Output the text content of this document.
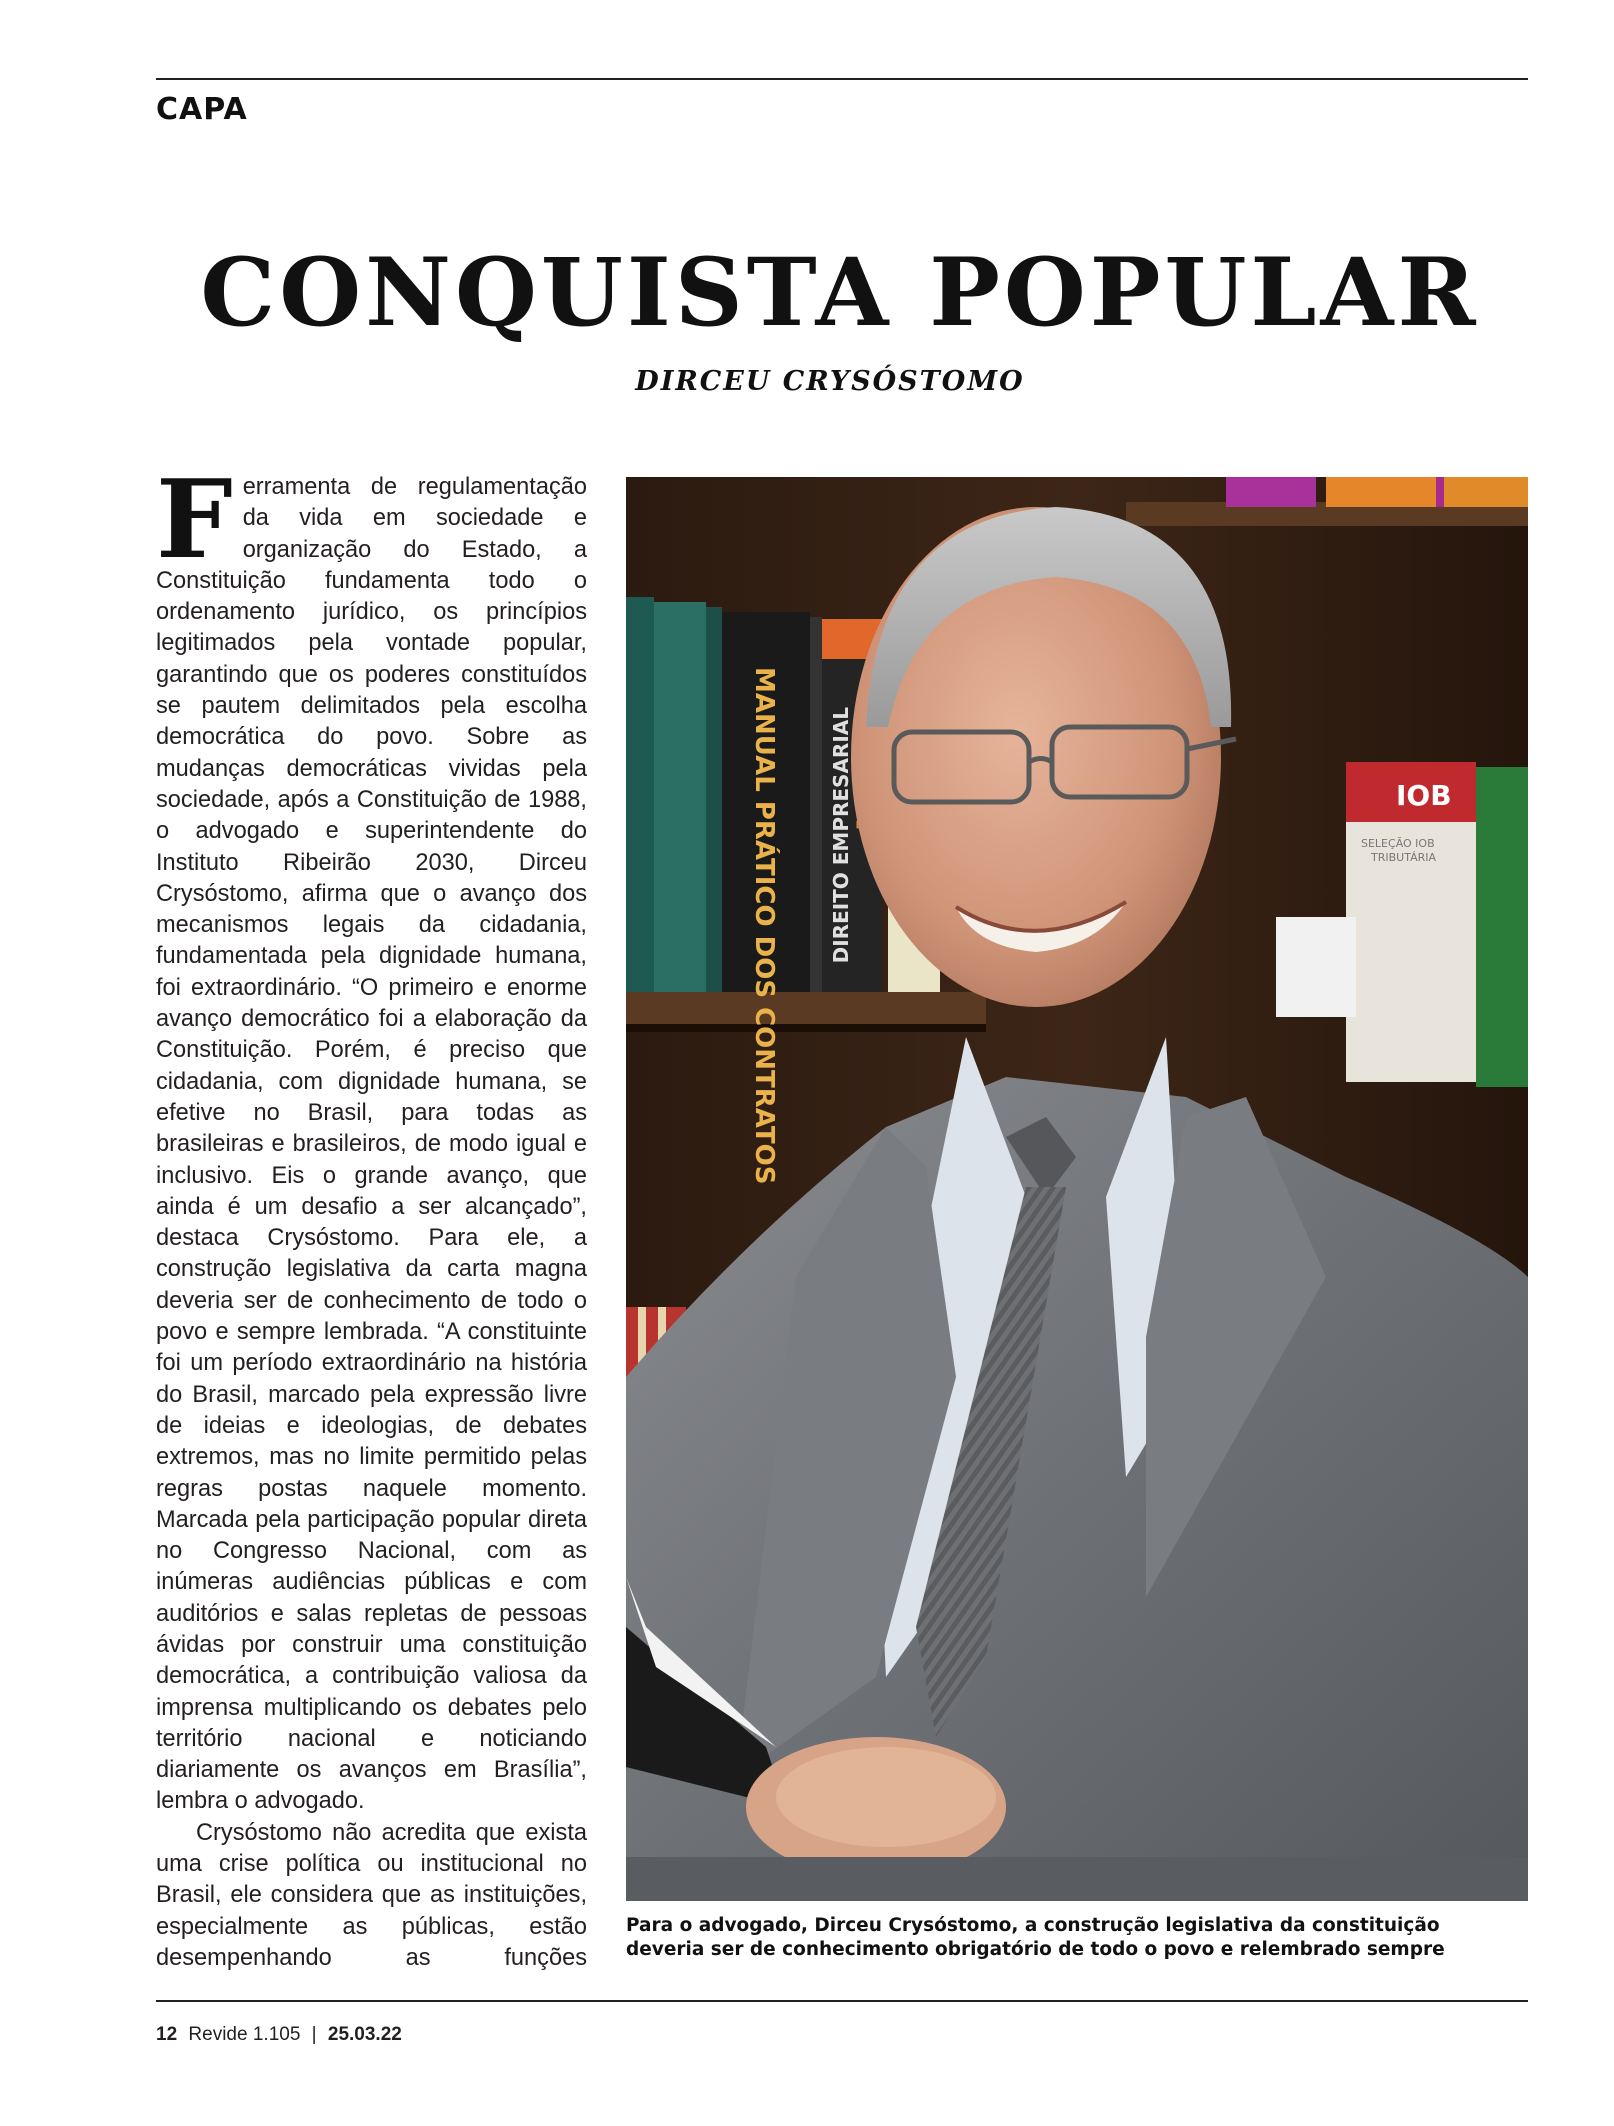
CAPA
CONQUISTA POPULAR
DIRCEU CRYSÓSTOMO

Ferramenta de regulamentação da vida em sociedade e organização do Estado, a Constituição fundamenta todo o ordenamento jurídico, os princípios legitimados pela vontade popular, garantindo que os poderes constituídos se pautem delimitados pela escolha democrática do povo. Sobre as mudanças democráticas vividas pela sociedade, após a Constituição de 1988, o advogado e superintendente do Instituto Ribeirão 2030, Dirceu Crysóstomo, afirma que o avanço dos mecanismos legais da cidadania, fundamentada pela dignidade humana, foi extraordinário. “O primeiro e enorme avanço democrático foi a elaboração da Constituição. Porém, é preciso que cidadania, com dignidade humana, se efetive no Brasil, para todas as brasileiras e brasileiros, de modo igual e inclusivo. Eis o grande avanço, que ainda é um desafio a ser alcançado”, destaca Crysóstomo. Para ele, a construção legislativa da carta magna deveria ser de conhecimento de todo o povo e sempre lembrada. “A constituinte foi um período extraordinário na história do Brasil, marcado pela expressão livre de ideias e ideologias, de debates extremos, mas no limite permitido pelas regras postas naquele momento. Marcada pela participação popular direta no Congresso Nacional, com as inúmeras audiências públicas e com auditórios e salas repletas de pessoas ávidas por construir uma constituição democrática, a contribuição valiosa da imprensa multiplicando os debates pelo território nacional e noticiando diariamente os avanços em Brasília”, lembra o advogado.

Crysóstomo não acredita que exista uma crise política ou institucional no Brasil, ele considera que as instituições, especialmente as públicas, estão desempenhando as funções

MANUAL PRÁTICO DOS CONTRATOS	DIREITO EMPRESARIAL	IOB
SELEÇÃO IOB
TRIBUTÁRIA
Para o advogado, Dirceu Crysóstomo, a construção legislativa da constituição
deveria ser de conhecimento obrigatório de todo o povo e relembrado sempre
12 Revide 1.105 | 25.03.22
